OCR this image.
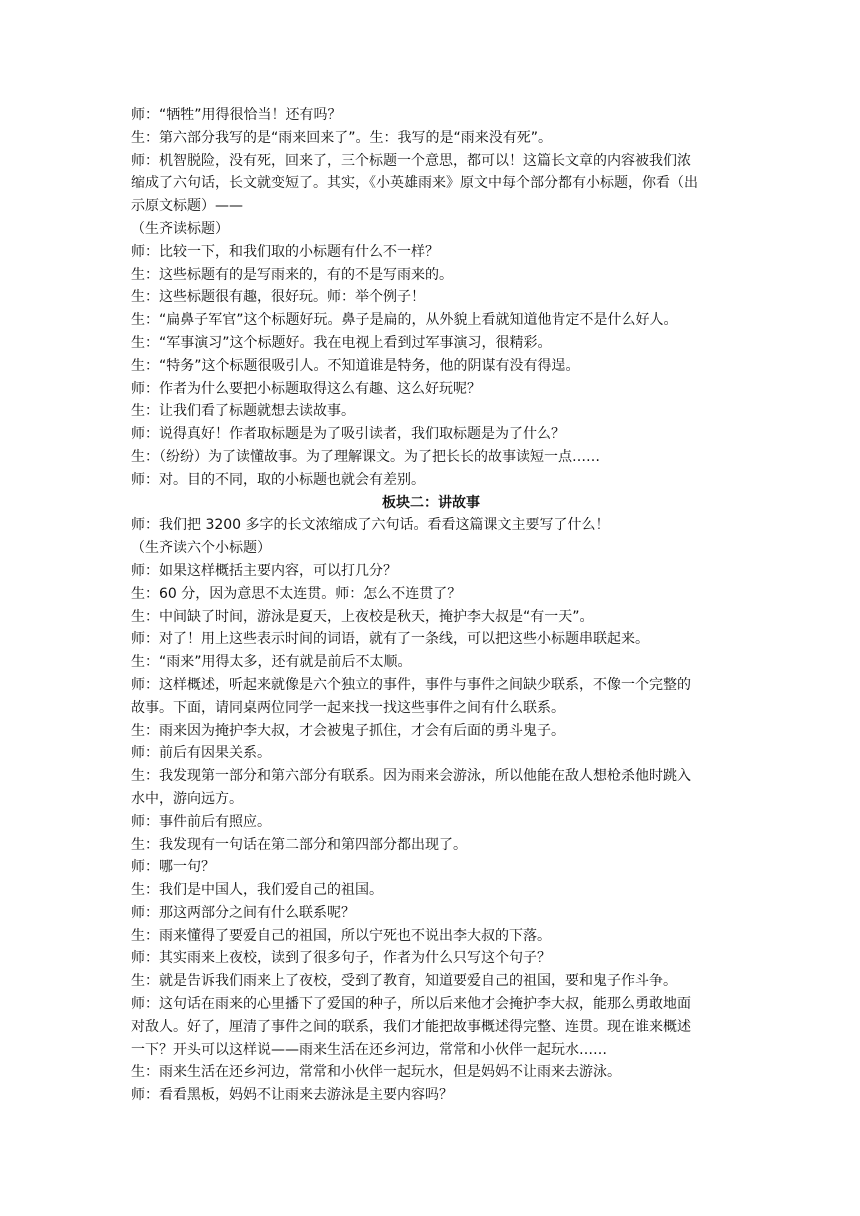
师：“牺牲”用得很恰当！还有吗？
生：第六部分我写的是“雨来回来了”。生：我写的是“雨来没有死”。
师：机智脱险，没有死，回来了，三个标题一个意思，都可以！这篇长文章的内容被我们浓
缩成了六句话，长文就变短了。其实，《小英雄雨来》原文中每个部分都有小标题，你看（出
示原文标题）——
（生齐读标题）
师：比较一下，和我们取的小标题有什么不一样？
生：这些标题有的是写雨来的，有的不是写雨来的。
生：这些标题很有趣，很好玩。师：举个例子！
生：“扁鼻子军官”这个标题好玩。鼻子是扁的，从外貌上看就知道他肯定不是什么好人。
生：“军事演习”这个标题好。我在电视上看到过军事演习，很精彩。
生：“特务”这个标题很吸引人。不知道谁是特务，他的阴谋有没有得逞。
师：作者为什么要把小标题取得这么有趣、这么好玩呢？
生：让我们看了标题就想去读故事。
师：说得真好！作者取标题是为了吸引读者，我们取标题是为了什么？
生：（纷纷）为了读懂故事。为了理解课文。为了把长长的故事读短一点……
师：对。目的不同，取的小标题也就会有差别。
板块二：讲故事
师：我们把 3200 多字的长文浓缩成了六句话。看看这篇课文主要写了什么！
（生齐读六个小标题）
师：如果这样概括主要内容，可以打几分？
生：60 分，因为意思不太连贯。师：怎么不连贯了？
生：中间缺了时间，游泳是夏天，上夜校是秋天，掩护李大叔是“有一天”。
师：对了！用上这些表示时间的词语，就有了一条线，可以把这些小标题串联起来。
生：“雨来”用得太多，还有就是前后不太顺。
师：这样概述，听起来就像是六个独立的事件，事件与事件之间缺少联系，不像一个完整的
故事。下面，请同桌两位同学一起来找一找这些事件之间有什么联系。
生：雨来因为掩护李大叔，才会被鬼子抓住，才会有后面的勇斗鬼子。
师：前后有因果关系。
生：我发现第一部分和第六部分有联系。因为雨来会游泳，所以他能在敌人想枪杀他时跳入
水中，游向远方。
师：事件前后有照应。
生：我发现有一句话在第二部分和第四部分都出现了。
师：哪一句？
生：我们是中国人，我们爱自己的祖国。
师：那这两部分之间有什么联系呢？
生：雨来懂得了要爱自己的祖国，所以宁死也不说出李大叔的下落。
师：其实雨来上夜校，读到了很多句子，作者为什么只写这个句子？
生：就是告诉我们雨来上了夜校，受到了教育，知道要爱自己的祖国，要和鬼子作斗争。
师：这句话在雨来的心里播下了爱国的种子，所以后来他才会掩护李大叔，能那么勇敢地面
对敌人。好了，厘清了事件之间的联系，我们才能把故事概述得完整、连贯。现在谁来概述
一下？开头可以这样说——雨来生活在还乡河边，常常和小伙伴一起玩水……
生：雨来生活在还乡河边，常常和小伙伴一起玩水，但是妈妈不让雨来去游泳。
师：看看黑板，妈妈不让雨来去游泳是主要内容吗？
